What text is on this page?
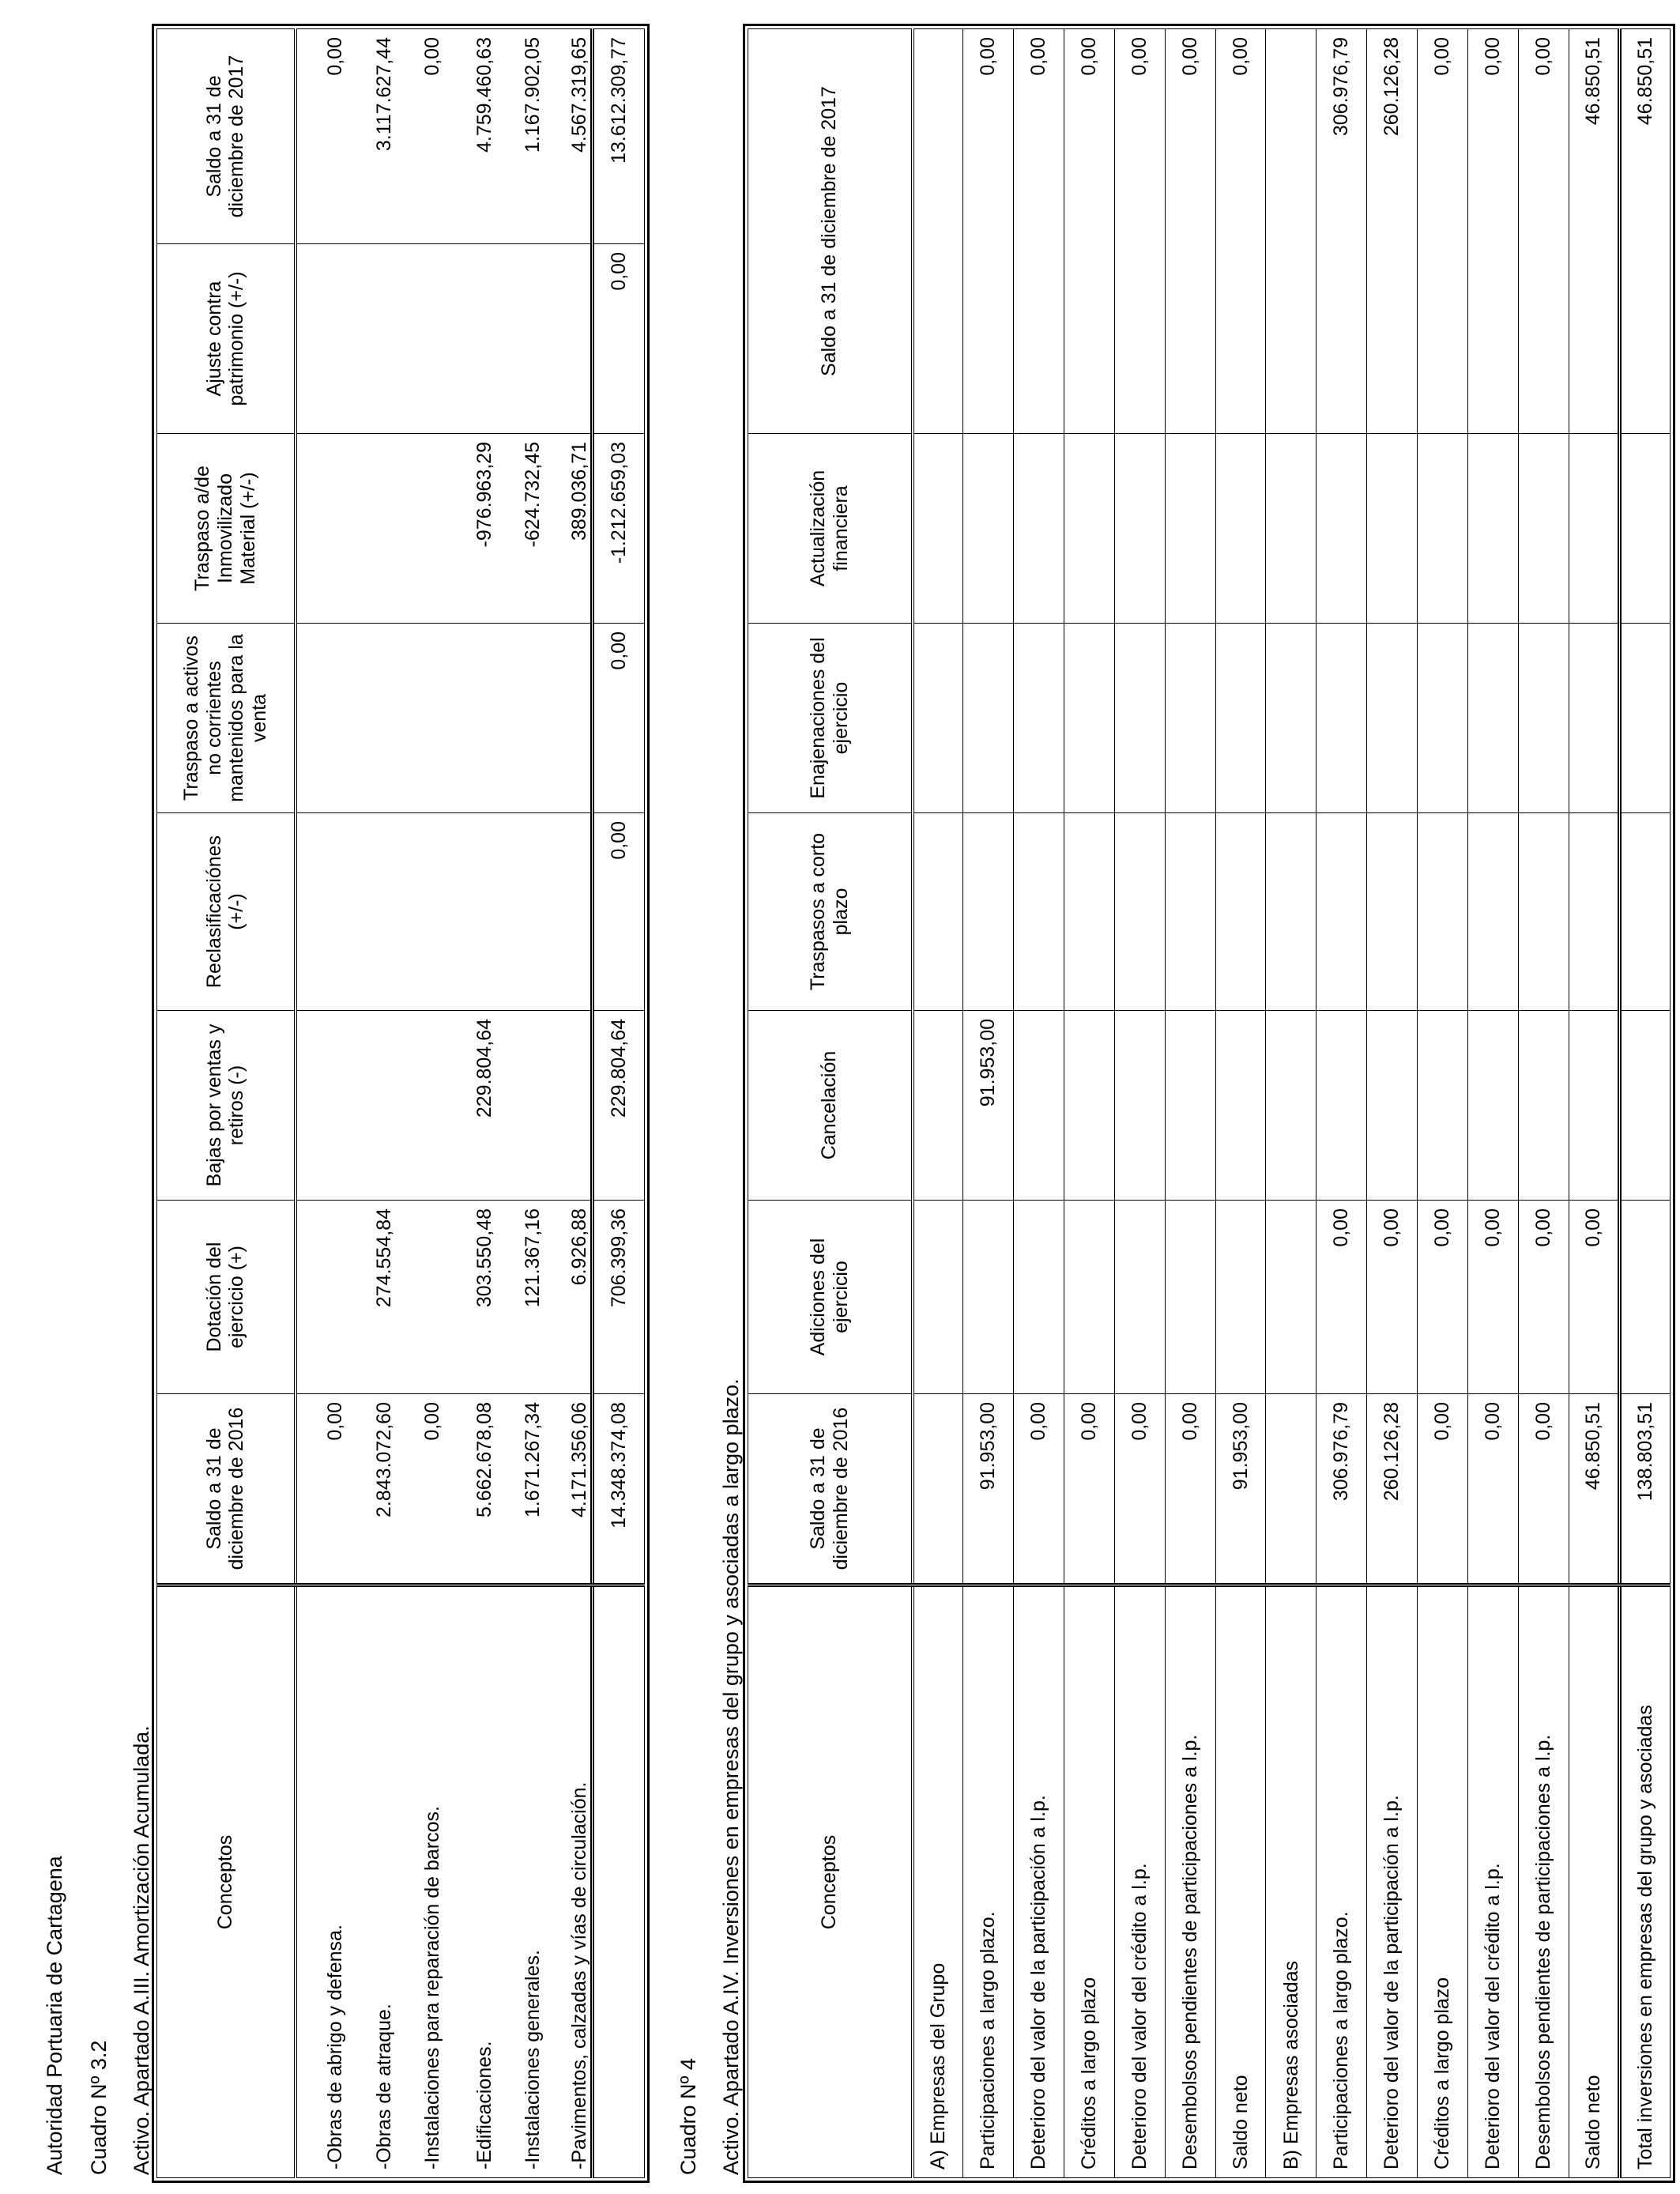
Autoridad Portuaria de Cartagena Cuadro Nº 3.2 Activo. Apartado A.III. Amortización Acumulada.	Conceptos	Saldo a 31 de diciembre de 2016	Dotación del ejercicio (+)	Bajas por ventas y retiros (-)	Reclasificaciónes (+/-)	Traspaso a activos no corrientes mantenidos para la venta	Traspaso a/de Inmovilizado Material (+/-)	Ajuste contra patrimonio (+/-)	Saldo a 31 de diciembre de 2017
-Obras de abrigo y defensa.	0,00							0,00
-Obras de atraque.	2.843.072,60	274.554,84						3.117.627,44
-Instalaciones para reparación de barcos.	0,00							0,00
-Edificaciones.	5.662.678,08	303.550,48	229.804,64			-976.963,29		4.759.460,63
-Instalaciones generales.	1.671.267,34	121.367,16				-624.732,45		1.167.902,05
-Pavimentos, calzadas y vías de circulación.	4.171.356,06	6.926,88				389.036,71		4.567.319,65
	14.348.374,08	706.399,36	229.804,64	0,00	0,00	-1.212.659,03	0,00	13.612.309,77
Cuadro Nº 4 Activo. Apartado A.IV. Inversiones en empresas del grupo y asociadas a largo plazo.	Conceptos	Saldo a 31 de diciembre de 2016	Adiciones del ejercicio	Cancelación	Traspasos a corto plazo	Enajenaciones del ejercicio	Actualización financiera	Saldo a 31 de diciembre de 2017
A) Empresas del Grupo							
Participaciones a largo plazo.	91.953,00		91.953,00				0,00
Deterioro del valor de la participación a l.p.	0,00						0,00
Créditos a largo plazo	0,00						0,00
Deterioro del valor del crédito a l.p.	0,00						0,00
Desembolsos pendientes de participaciones a l.p.	0,00						0,00
Saldo neto	91.953,00						0,00
B) Empresas asociadas							
Participaciones a largo plazo.	306.976,79	0,00					306.976,79
Deterioro del valor de la participación a l.p.	260.126,28	0,00					260.126,28
Créditos a largo plazo	0,00	0,00					0,00
Deterioro del valor del crédito a l.p.	0,00	0,00					0,00
Desembolsos pendientes de participaciones a l.p.	0,00	0,00					0,00
Saldo neto	46.850,51	0,00					46.850,51
Total inversiones en empresas del grupo y asociadas	138.803,51						46.850,51
